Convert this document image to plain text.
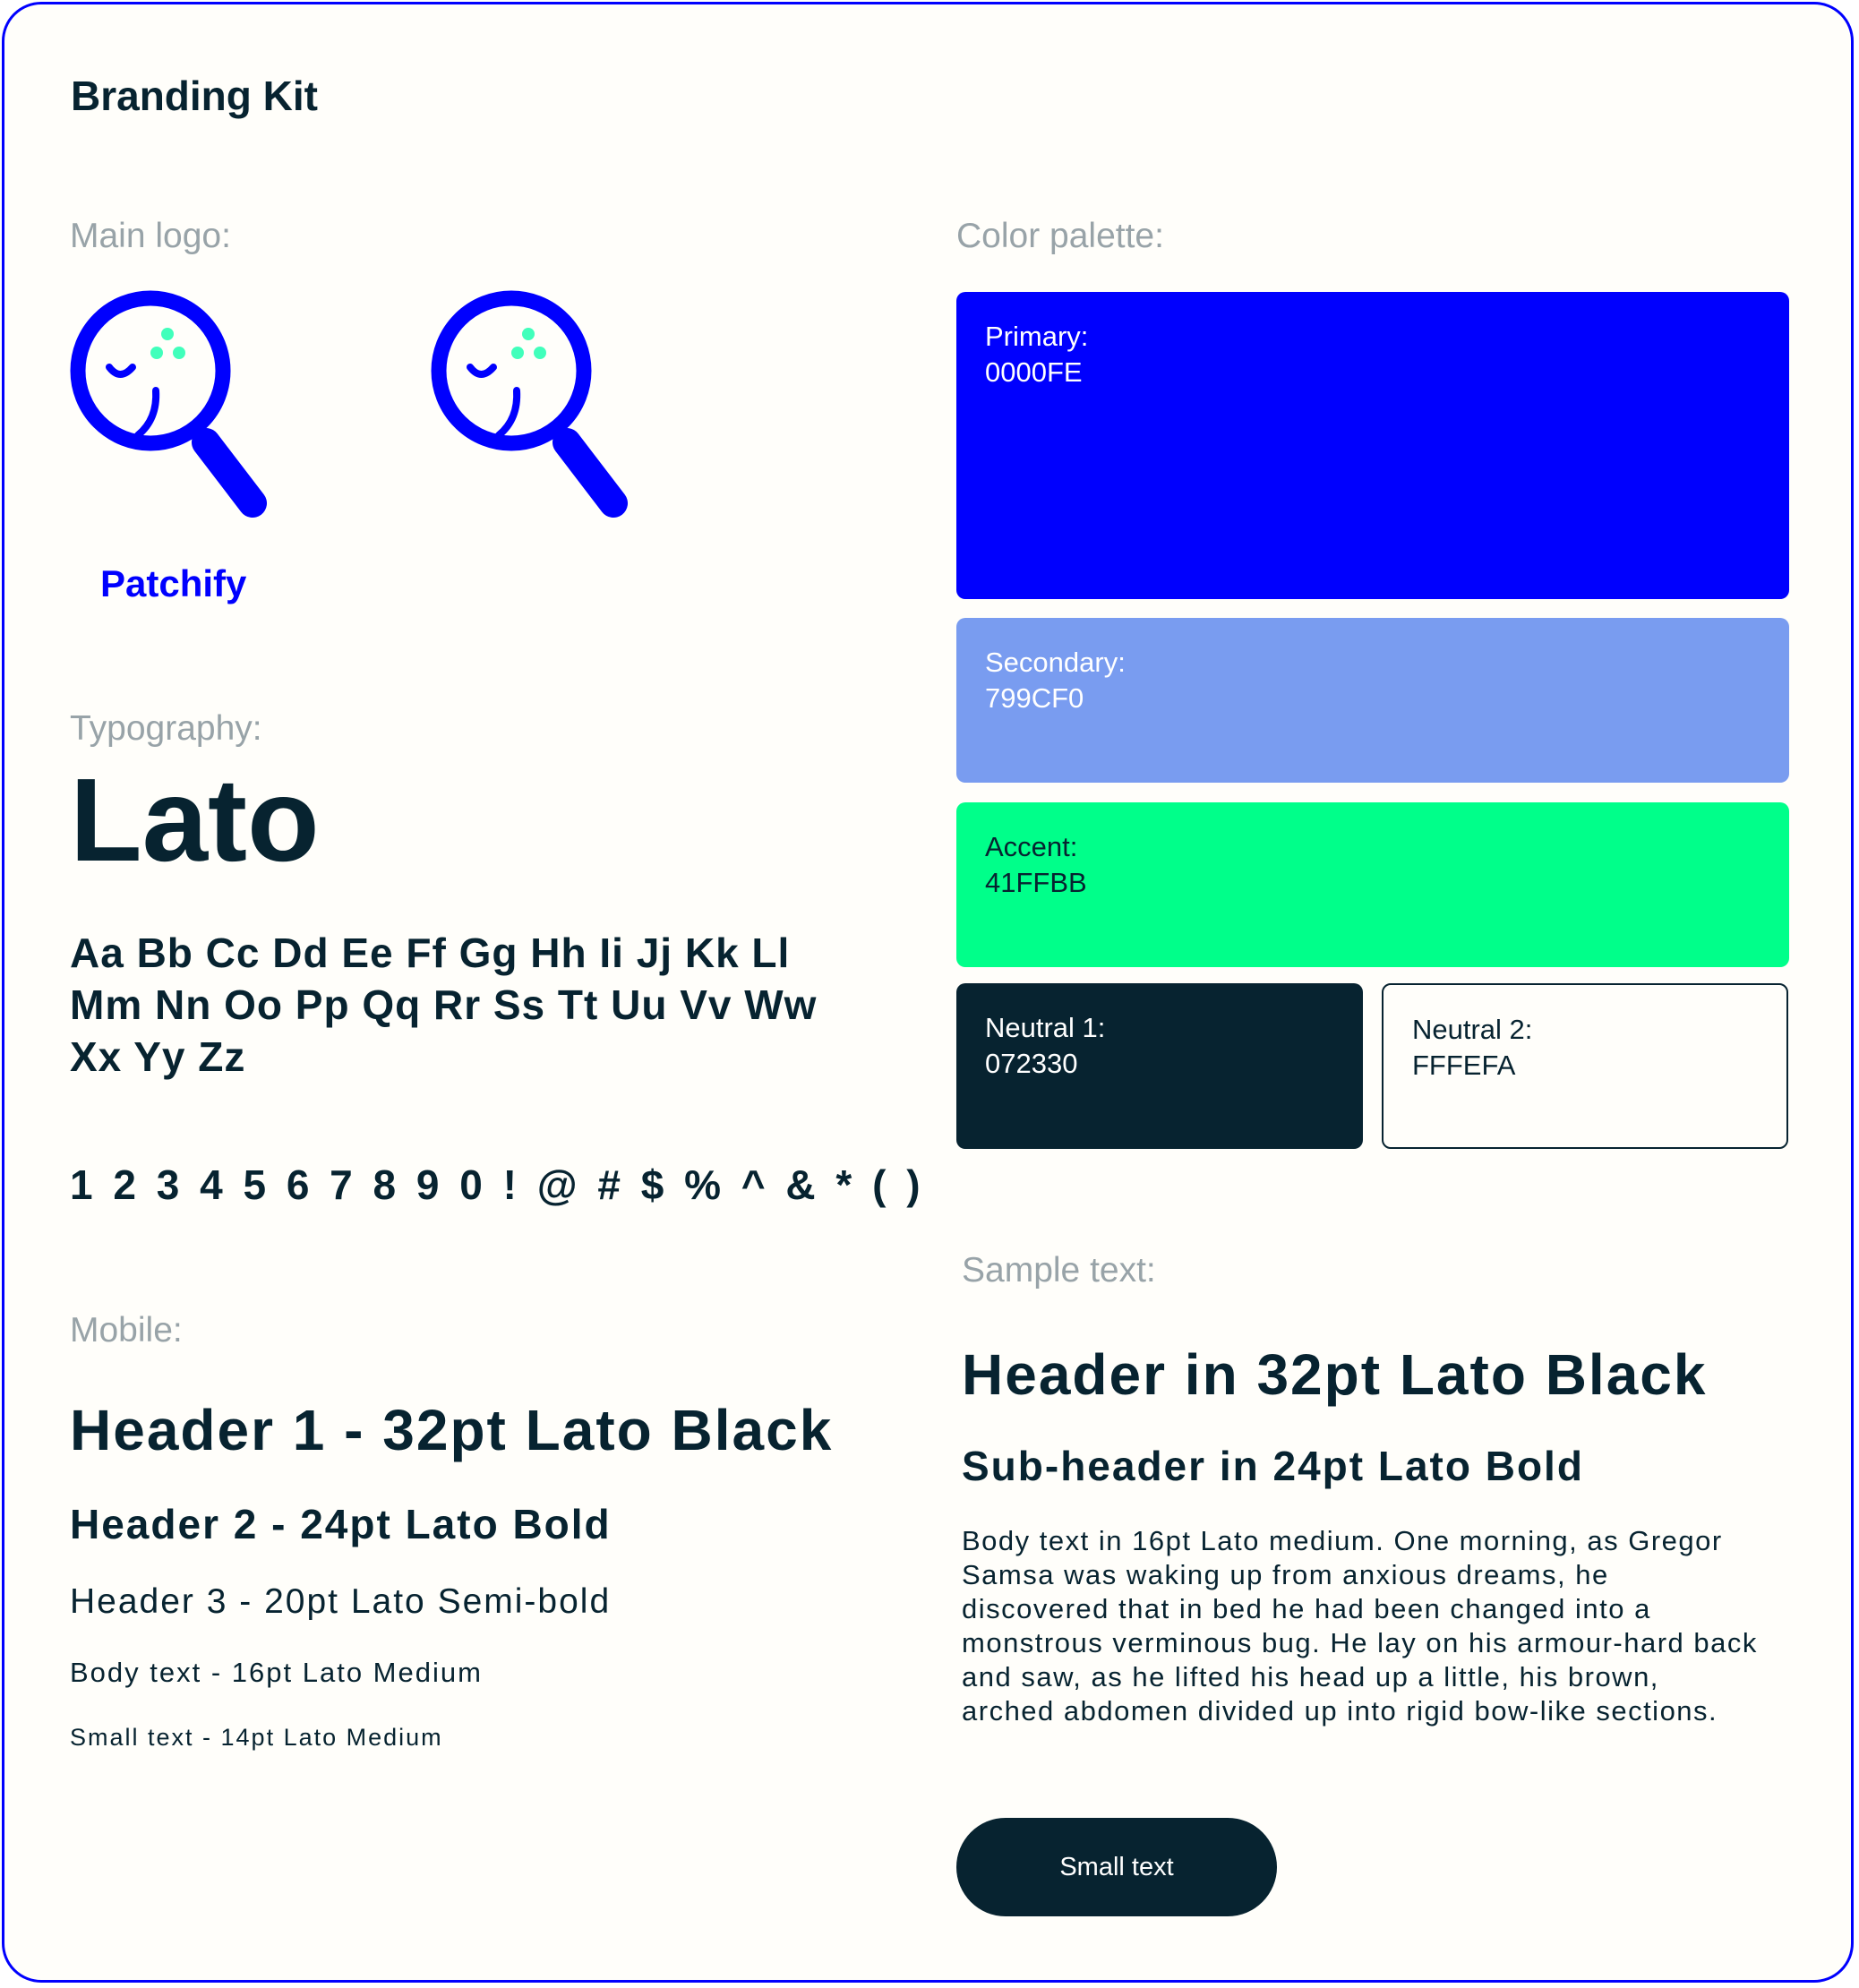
Branding Kit
Main logo:
Patchify
Typography:
Lato
Aa Bb Cc Dd Ee Ff Gg Hh Ii Jj Kk Ll Mm Nn Oo Pp Qq Rr Ss Tt Uu Vv Ww Xx Yy Zz
1 2 3 4 5 6 7 8 9 0 ! @ # $ % ^ & * ( )
Mobile:
Header 1 - 32pt Lato Black
Header 2 - 24pt Lato Bold
Header 3 - 20pt Lato Semi-bold
Body text - 16pt Lato Medium
Small text - 14pt Lato Medium
Color palette:
Primary:
0000FE
Secondary:
799CF0
Accent:
41FFBB
Neutral 1:
072330
Neutral 2:
FFFEFA
Sample text:
Header in 32pt Lato Black
Sub-header in 24pt Lato Bold
Body text in 16pt Lato medium. One morning, as Gregor Samsa was waking up from anxious dreams, he discovered that in bed he had been changed into a monstrous verminous bug. He lay on his armour-hard back and saw, as he lifted his head up a little, his brown, arched abdomen divided up into rigid bow-like sections.
Small text
